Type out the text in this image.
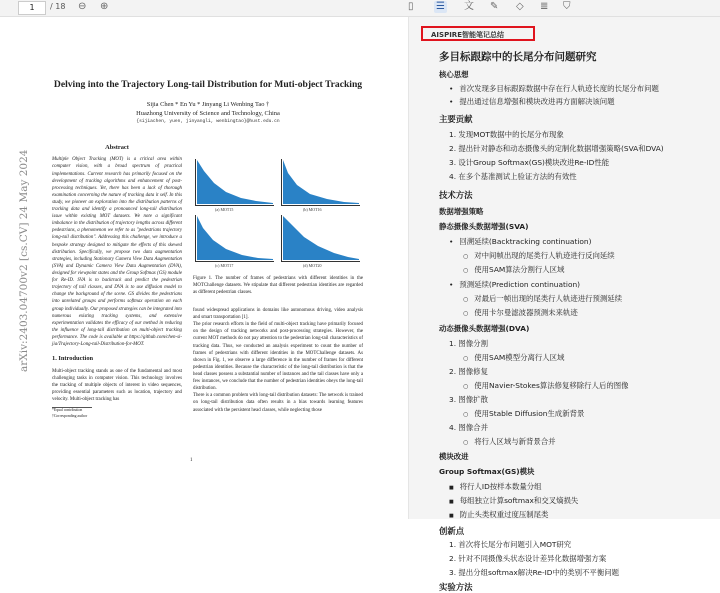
1	/ 18 ⊖ ⊕	▯ ☰ 文 ✎ ◇ ≣ ⛉
arXiv:2403.04700v2 [cs.CV] 24 May 2024
Delving into the Trajectory Long-tail Distribution for Muti-object Tracking
Sijia Chen * En Yu * Jinyang Li Wenbing Tao †
Huazhong University of Science and Technology, China
{sijiachen, yuen, jinyangli, wenbingtao}@hust.edu.cn
Abstract
Multiple Object Tracking (MOT) is a critical area within computer vision, with a broad spectrum of practical implementations. Current research has primarily focused on the development of tracking algorithms and enhancement of post-processing techniques. Yet, there has been a lack of thorough examination concerning the nature of tracking data it self. In this study, we pioneer an exploration into the distribution patterns of tracking data and identify a pronounced long-tail distribution issue within existing MOT datasets. We note a significant imbalance in the distribution of trajectory lengths across different pedestrians, a phenomenon we refer to as "pedestrians trajectory long-tail distribution". Addressing this challenge, we introduce a bespoke strategy designed to mitigate the effects of this skewed distribution. Specifically, we propose two data augmentation strategies, including Stationary Camera View Data Augmentation (SVA) and Dynamic Camera View Data Augmentation (DVA), designed for viewpoint states and the Group Softmax (GS) module for Re-ID. SVA is to backtrack and predict the pedestrian trajectory of tail classes, and DVA is to use diffusion model to change the background of the scene. GS divides the pedestrians into unrelated groups and performs softmax operation on each group individually. Our proposed strategies can be integrated into numerous existing tracking systems, and extensive experimentation validates the efficacy of our method in reducing the influence of long-tail distribution on multi-object tracking performance. The code is available at https://github.com/chen-si-jia/Trajectory-Long-tail-Distribution-for-MOT.
1. Introduction
Multi-object tracking stands as one of the fundamental and most challenging tasks in computer vision. This technology involves the tracking of multiple objects of interest in video sequences, providing essential parameters such as location, trajectory and velocity. Multi-object tracking has
*Equal contribution
†Corresponding author
(a) MOT15	(b) MOT16
(c) MOT17	(d) MOT20
Figure 1. The number of frames of pedestrians with different identities in the MOTChallenge datasets. We stipulate that different pedestrian identities are regarded as different pedestrian classes.
found widespread applications in domains like autonomous driving, video analysis and smart transportation [1].
The prior research efforts in the field of multi-object tracking have primarily focused on the design of tracking networks and post-processing strategies. However, the current MOT methods do not pay attention to the pedestrian long-tail characteristics of tracking data. Thus, we conducted an analysis experiment to count the number of frames of pedestrians with different identities in the MOTChallenge datasets. As shown in Fig. 1, we observe a large difference in the number of frames for different pedestrian identities. Because the characteristic of the long-tail distribution is that the head classes possess a substantial number of instances and the tail classes have only a few instances, we conclude that the number of pedestrian identities obeys the long-tail distribution.
There is a common problem with long-tail distribution datasets: The network is trained on long-tail distribution data often results in a bias towards learning features associated with the persistent head classes, while neglecting those
1
AISPIRE智能笔记总结
多目标跟踪中的长尾分布问题研究
核心思想
• 首次发现多目标跟踪数据中存在行人轨迹长度的长尾分布问题
• 提出通过信息增强和模块改进再方面解决该问题
主要贡献
1. 发现MOT数据中的长尾分布现象
2. 提出针对静态和动态摄像头的定制化数据增强策略(SVA和DVA)
3. 设计Group Softmax(GS)模块改进Re-ID性能
4. 在多个基准测试上验证方法的有效性
技术方法
数据增强策略
静态摄像头数据增强(SVA)
• 回溯延续(Backtracking continuation)
○ 对中间帧出现的尾类行人轨迹进行反向延续
○ 使用SAM算法分割行人区域
• 预测延续(Prediction continuation)
○ 对最后一帧出现的尾类行人轨迹进行预测延续
○ 使用卡尔曼滤波器预测未来轨迹
动态摄像头数据增强(DVA)
1. 图像分割
○ 使用SAM模型分离行人区域
2. 图像修复
○ 使用Navier-Stokes算法修复移除行人后的图像
3. 图像扩散
○ 使用Stable Diffusion生成新背景
4. 图像合并
○ 将行人区域与新背景合并
模块改进
Group Softmax(GS)模块
■ 将行人ID按样本数量分组
■ 每组独立计算softmax和交叉熵损失
■ 防止头类权重过度压制尾类
创新点
1. 首次将长尾分布问题引入MOT研究
2. 针对不同摄像头状态设计差异化数据增强方案
3. 提出分组softmax解决Re-ID中的类别不平衡问题
实验方法
